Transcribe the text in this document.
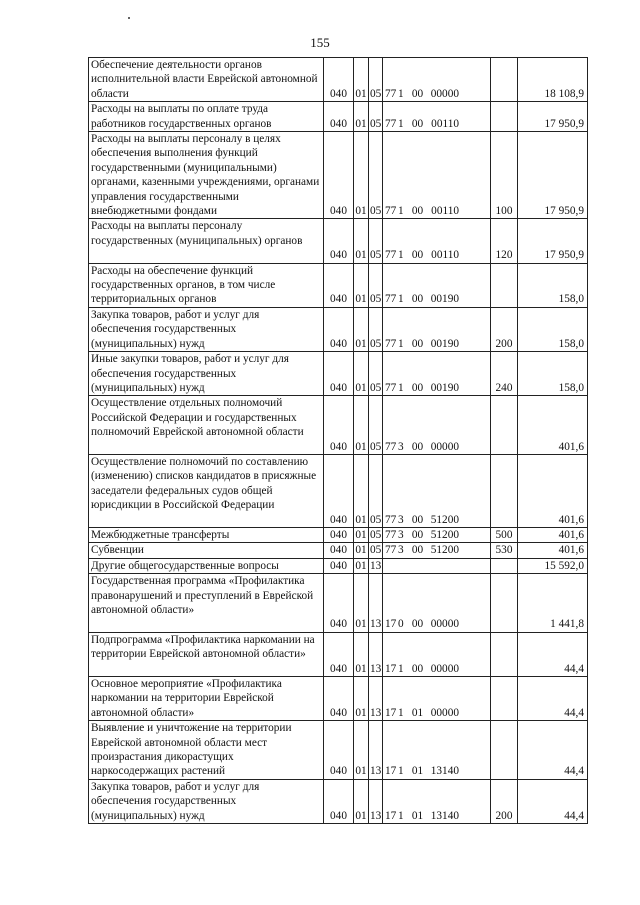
155
Обеспечение деятельности органов исполнительной власти Еврейской автономной области	040	01	05	77 1 00 00000		18 108,9
Расходы на выплаты по оплате труда работников государственных органов	040	01	05	77 1 00 00110		17 950,9
Расходы на выплаты персоналу в целях обеспечения выполнения функций государственными (муниципальными) органами, казенными учреждениями, органами управления государственными внебюджетными фондами	040	01	05	77 1 00 00110	100	17 950,9
Расходы на выплаты персоналу государственных (муниципальных) органов	040	01	05	77 1 00 00110	120	17 950,9
Расходы на обеспечение функций государственных органов, в том числе территориальных органов	040	01	05	77 1 00 00190		158,0
Закупка товаров, работ и услуг для обеспечения государственных (муниципальных) нужд	040	01	05	77 1 00 00190	200	158,0
Иные закупки товаров, работ и услуг для обеспечения государственных (муниципальных) нужд	040	01	05	77 1 00 00190	240	158,0
Осуществление отдельных полномочий Российской Федерации и государственных полномочий Еврейской автономной области	040	01	05	77 3 00 00000		401,6
Осуществление полномочий по составлению (изменению) списков кандидатов в присяжные заседатели федеральных судов общей юрисдикции в Российской Федерации	040	01	05	77 3 00 51200		401,6
Межбюджетные трансферты	040	01	05	77 3 00 51200	500	401,6
Субвенции	040	01	05	77 3 00 51200	530	401,6
Другие общегосударственные вопросы	040	01	13			15 592,0
Государственная программа «Профилактика правонарушений и преступлений в Еврейской автономной области»	040	01	13	17 0 00 00000		1 441,8
Подпрограмма «Профилактика наркомании на территории Еврейской автономной области»	040	01	13	17 1 00 00000		44,4
Основное мероприятие «Профилактика наркомании на территории Еврейской автономной области»	040	01	13	17 1 01 00000		44,4
Выявление и уничтожение на территории Еврейской автономной области мест произрастания дикорастущих наркосодержащих растений	040	01	13	17 1 01 13140		44,4
Закупка товаров, работ и услуг для обеспечения государственных (муниципальных) нужд	040	01	13	17 1 01 13140	200	44,4
